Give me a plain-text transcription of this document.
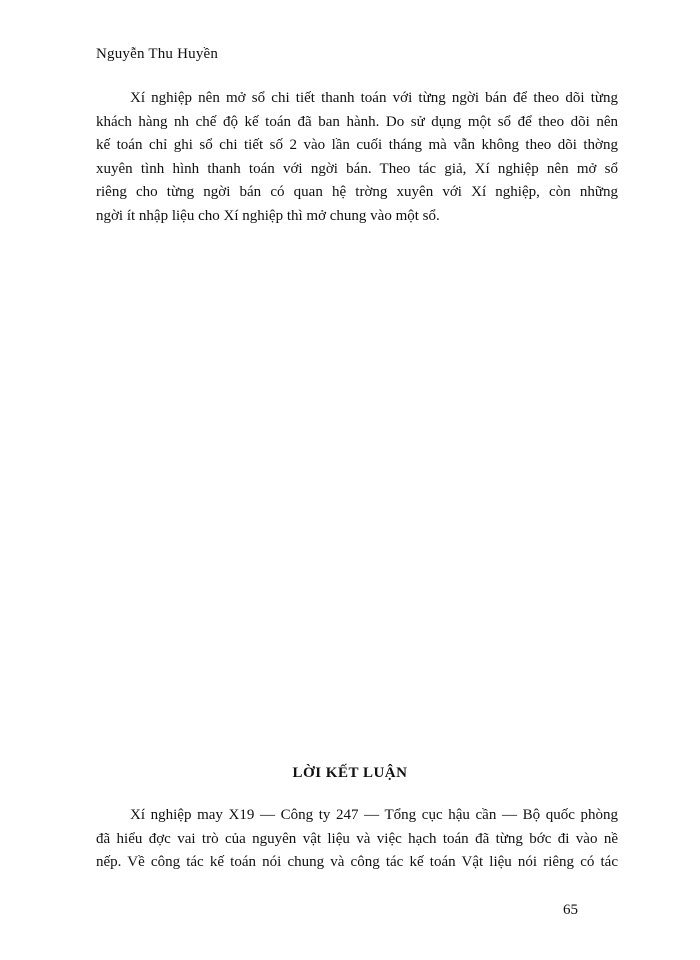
Nguyễn Thu Huyền
Xí nghiệp nên mở sổ chi tiết thanh toán với từng ngời bán để theo dõi từng
khách hàng nh chế độ kế toán đã ban hành. Do sử dụng một sổ để theo dõi nên
kế toán chỉ ghi sổ chi tiết số 2 vào lần cuối tháng mà vẫn không theo dõi thờng
xuyên tình hình thanh toán với ngời bán. Theo tác giả, Xí nghiệp nên mở sổ
riêng cho từng ngời bán có quan hệ trờng xuyên với Xí nghiệp, còn những
ngời ít nhập liệu cho Xí nghiệp thì mở chung vào một sổ.
LỜI KẾT LUẬN
Xí nghiệp may X19 — Công ty 247 — Tổng cục hậu cần — Bộ quốc phòng
đã hiểu đợc vai trò của nguyên vật liệu và việc hạch toán đã từng bớc đi vào nề
nếp. Về công tác kế toán nói chung và công tác kế toán Vật liệu nói riêng có tác
65
